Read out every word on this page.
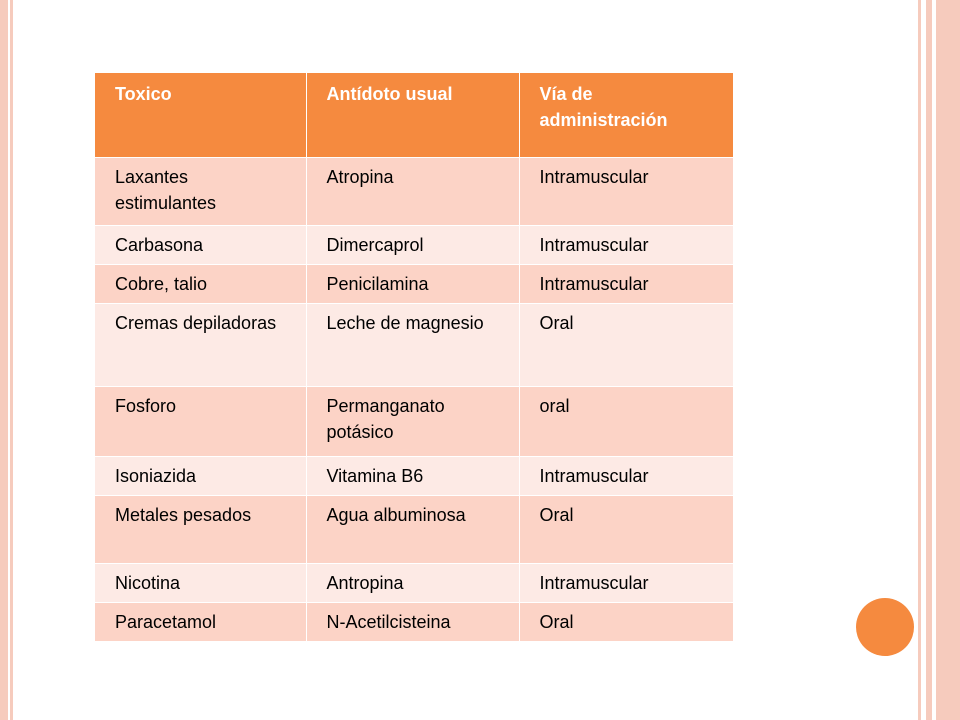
Toxico	Antídoto usual	Vía de administración
Laxantes estimulantes	Atropina	Intramuscular
Carbasona	Dimercaprol	Intramuscular
Cobre, talio	Penicilamina	Intramuscular
Cremas depiladoras	Leche de magnesio	Oral
Fosforo	Permanganato potásico	oral
Isoniazida	Vitamina B6	Intramuscular
Metales pesados	Agua albuminosa	Oral
Nicotina	Antropina	Intramuscular
Paracetamol	N-Acetilcisteina	Oral
